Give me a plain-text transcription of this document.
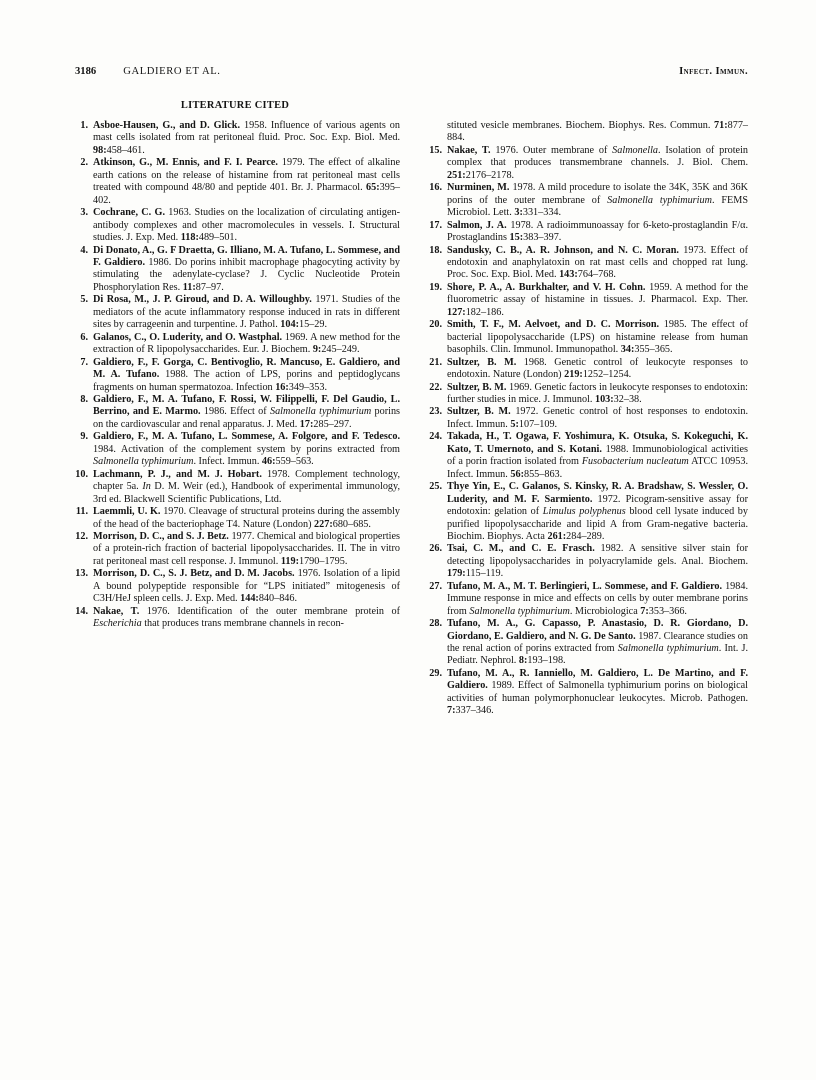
3186	GALDIERO ET AL.	Infect. Immun.
LITERATURE CITED
1. Asboe-Hausen, G., and D. Glick. 1958. Influence of various agents on mast cells isolated from rat peritoneal fluid. Proc. Soc. Exp. Biol. Med. 98:458–461.
2. Atkinson, G., M. Ennis, and F. I. Pearce. 1979. The effect of alkaline earth cations on the release of histamine from rat peritoneal mast cells treated with compound 48/80 and peptide 401. Br. J. Pharmacol. 65:395–402.
3. Cochrane, C. G. 1963. Studies on the localization of circulating antigen-antibody complexes and other macromolecules in vessels. I. Structural studies. J. Exp. Med. 118:489–501.
4. Di Donato, A., G. F Draetta, G. Illiano, M. A. Tufano, L. Sommese, and F. Galdiero. 1986. Do porins inhibit macrophage phagocyting activity by stimulating the adenylate-cyclase? J. Cyclic Nucleotide Protein Phosphorylation Res. 11:87–97.
5. Di Rosa, M., J. P. Giroud, and D. A. Willoughby. 1971. Studies of the mediators of the acute inflammatory response induced in rats in different sites by carrageenin and turpentine. J. Pathol. 104:15–29.
6. Galanos, C., O. Luderity, and O. Wastphal. 1969. A new method for the extraction of R lipopolysaccharides. Eur. J. Biochem. 9:245–249.
7. Galdiero, F., F. Gorga, C. Bentivoglio, R. Mancuso, E. Galdiero, and M. A. Tufano. 1988. The action of LPS, porins and peptidoglycans fragments on human spermatozoa. Infection 16:349–353.
8. Galdiero, F., M. A. Tufano, F. Rossi, W. Filippelli, F. Del Gaudio, L. Berrino, and E. Marmo. 1986. Effect of Salmonella typhimurium porins on the cardiovascular and renal apparatus. J. Med. 17:285–297.
9. Galdiero, F., M. A. Tufano, L. Sommese, A. Folgore, and F. Tedesco. 1984. Activation of the complement system by porins extracted from Salmonella typhimurium. Infect. Immun. 46:559–563.
10. Lachmann, P. J., and M. J. Hobart. 1978. Complement technology, chapter 5a. In D. M. Weir (ed.), Handbook of experimental immunology, 3rd ed. Blackwell Scientific Publications, Ltd.
11. Laemmli, U. K. 1970. Cleavage of structural proteins during the assembly of the head of the bacteriophage T4. Nature (London) 227:680–685.
12. Morrison, D. C., and S. J. Betz. 1977. Chemical and biological properties of a protein-rich fraction of bacterial lipopolysaccharides. II. The in vitro rat peritoneal mast cell response. J. Immunol. 119:1790–1795.
13. Morrison, D. C., S. J. Betz, and D. M. Jacobs. 1976. Isolation of a lipid A bound polypeptide responsible for “LPS initiated” mitogenesis of C3H/HeJ spleen cells. J. Exp. Med. 144:840–846.
14. Nakae, T. 1976. Identification of the outer membrane protein of Escherichia that produces trans membrane channels in recon-
stituted vesicle membranes. Biochem. Biophys. Res. Commun. 71:877–884.
15. Nakae, T. 1976. Outer membrane of Salmonella. Isolation of protein complex that produces transmembrane channels. J. Biol. Chem. 251:2176–2178.
16. Nurminen, M. 1978. A mild procedure to isolate the 34K, 35K and 36K porins of the outer membrane of Salmonella typhimurium. FEMS Microbiol. Lett. 3:331–334.
17. Salmon, J. A. 1978. A radioimmunoassay for 6-keto-prostaglandin F/α. Prostaglandins 15:383–397.
18. Sandusky, C. B., A. R. Johnson, and N. C. Moran. 1973. Effect of endotoxin and anaphylatoxin on rat mast cells and chopped rat lung. Proc. Soc. Exp. Biol. Med. 143:764–768.
19. Shore, P. A., A. Burkhalter, and V. H. Cohn. 1959. A method for the fluorometric assay of histamine in tissues. J. Pharmacol. Exp. Ther. 127:182–186.
20. Smith, T. F., M. Aelvoet, and D. C. Morrison. 1985. The effect of bacterial lipopolysaccharide (LPS) on histamine release from human basophils. Clin. Immunol. Immunopathol. 34:355–365.
21. Sultzer, B. M. 1968. Genetic control of leukocyte responses to endotoxin. Nature (London) 219:1252–1254.
22. Sultzer, B. M. 1969. Genetic factors in leukocyte responses to endotoxin: further studies in mice. J. Immunol. 103:32–38.
23. Sultzer, B. M. 1972. Genetic control of host responses to endotoxin. Infect. Immun. 5:107–109.
24. Takada, H., T. Ogawa, F. Yoshimura, K. Otsuka, S. Kokeguchi, K. Kato, T. Umernoto, and S. Kotani. 1988. Immunobiological activities of a porin fraction isolated from Fusobacterium nucleatum ATCC 10953. Infect. Immun. 56:855–863.
25. Thye Yin, E., C. Galanos, S. Kinsky, R. A. Bradshaw, S. Wessler, O. Luderity, and M. F. Sarmiento. 1972. Picogram-sensitive assay for endotoxin: gelation of Limulus polyphenus blood cell lysate induced by purified lipopolysaccharide and lipid A from Gram-negative bacteria. Biochim. Biophys. Acta 261:284–289.
26. Tsai, C. M., and C. E. Frasch. 1982. A sensitive silver stain for detecting lipopolysaccharides in polyacrylamide gels. Anal. Biochem. 179:115–119.
27. Tufano, M. A., M. T. Berlingieri, L. Sommese, and F. Galdiero. 1984. Immune response in mice and effects on cells by outer membrane porins from Salmonella typhimurium. Microbiologica 7:353–366.
28. Tufano, M. A., G. Capasso, P. Anastasio, D. R. Giordano, D. Giordano, E. Galdiero, and N. G. De Santo. 1987. Clearance studies on the renal action of porins extracted from Salmonella typhimurium. Int. J. Pediatr. Nephrol. 8:193–198.
29. Tufano, M. A., R. Ianniello, M. Galdiero, L. De Martino, and F. Galdiero. 1989. Effect of Salmonella typhimurium porins on biological activities of human polymorphonuclear leukocytes. Microb. Pathogen. 7:337–346.
